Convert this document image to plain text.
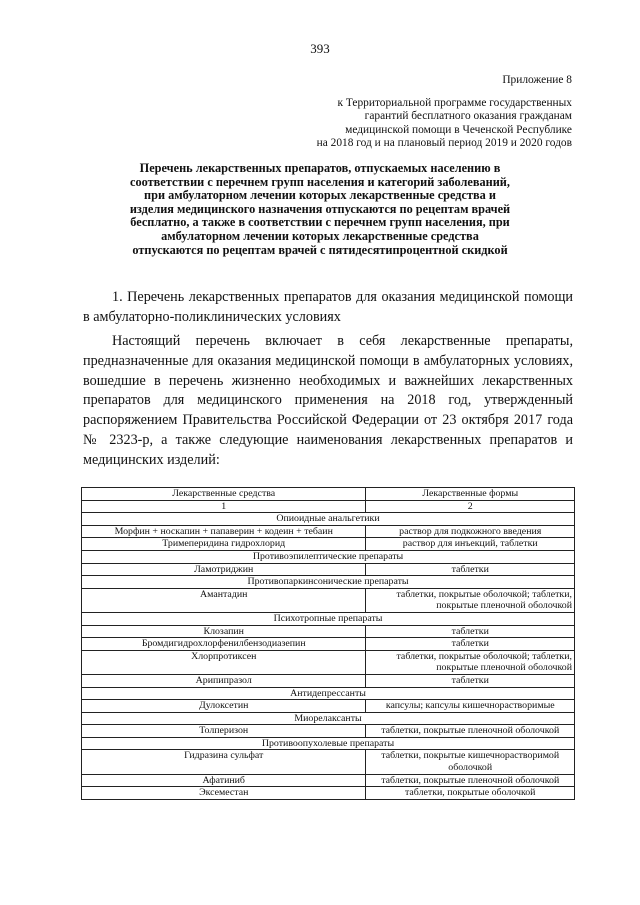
393
Приложение 8
к Территориальной программе государственных
гарантий бесплатного оказания гражданам
медицинской помощи в Чеченской Республике
на 2018 год и на плановый период 2019 и 2020 годов
Перечень лекарственных препаратов, отпускаемых населению в
соответствии с перечнем групп населения и категорий заболеваний,
при амбулаторном лечении которых лекарственные средства и
изделия медицинского назначения отпускаются по рецептам врачей
бесплатно, а также в соответствии с перечнем групп населения, при
амбулаторном лечении которых лекарственные средства
отпускаются по рецептам врачей с пятидесятипроцентной скидкой
1. Перечень лекарственных препаратов для оказания медицинской помощи в амбулаторно-поликлинических условиях
Настоящий перечень включает в себя лекарственные препараты, предназначенные для оказания медицинской помощи в амбулаторных условиях, вошедшие в перечень жизненно необходимых и важнейших лекарственных препаратов для медицинского применения на 2018 год, утвержденный распоряжением Правительства Российской Федерации от 23 октября 2017 года № 2323-р, а также следующие наименования лекарственных препаратов и медицинских изделий:
Лекарственные средства	Лекарственные формы
1	2
Опиоидные анальгетики	
Морфин + носкапин + папаверин + кодеин + тебаин	раствор для подкожного введения
Тримеперидина гидрохлорид	раствор для инъекций, таблетки
Противоэпилептические препараты	
Ламотриджин	таблетки
Противопаркинсонические препараты	
Амантадин	таблетки, покрытые оболочкой; таблетки, покрытые пленочной оболочкой
Психотропные препараты	
Клозапин	таблетки
Бромдигидрохлорфенилбензодиазепин	таблетки
Хлорпротиксен	таблетки, покрытые оболочкой; таблетки, покрытые пленочной оболочкой
Арипипразол	таблетки
Антидепрессанты	
Дулоксетин	капсулы; капсулы кишечнорастворимые
Миорелаксанты	
Толперизон	таблетки, покрытые пленочной оболочкой
Противоопухолевые препараты	
Гидразина сульфат	таблетки, покрытые кишечнорастворимой оболочкой
Афатиниб	таблетки, покрытые пленочной оболочкой
Эксеместан	таблетки, покрытые оболочкой
